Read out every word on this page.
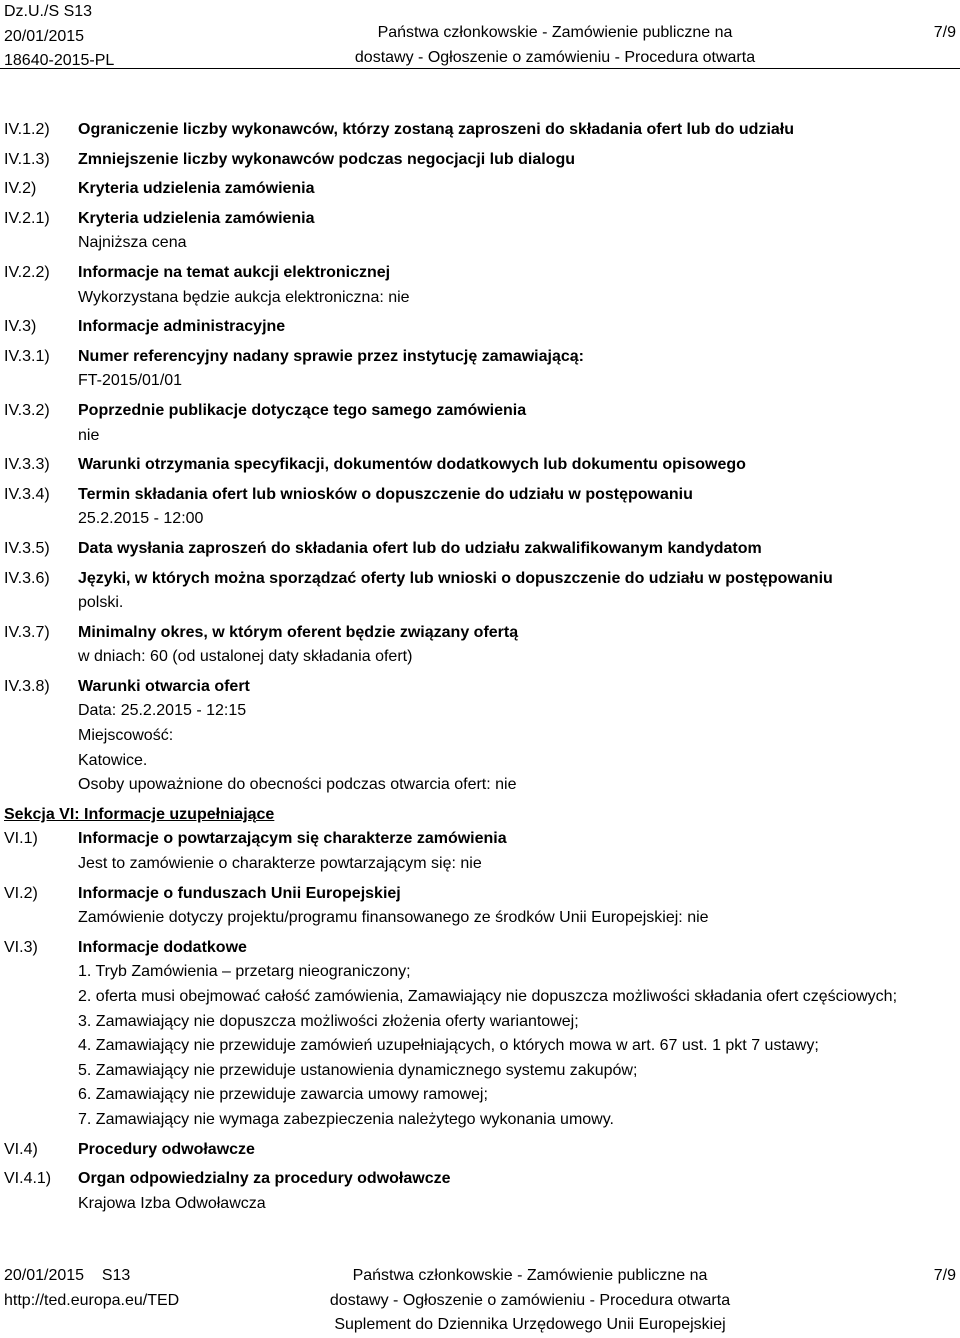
Dz.U./S S13
20/01/2015
18640-2015-PL
Państwa członkowskie - Zamówienie publiczne na
dostawy - Ogłoszenie o zamówieniu - Procedura otwarta
7/9
IV.1.2)	Ograniczenie liczby wykonawców, którzy zostaną zaproszeni do składania ofert lub do udziału
IV.1.3)	Zmniejszenie liczby wykonawców podczas negocjacji lub dialogu
IV.2)	Kryteria udzielenia zamówienia
IV.2.1)	Kryteria udzielenia zamówienia
Najniższa cena
IV.2.2)	Informacje na temat aukcji elektronicznej
Wykorzystana będzie aukcja elektroniczna: nie
IV.3)	Informacje administracyjne
IV.3.1)	Numer referencyjny nadany sprawie przez instytucję zamawiającą:
FT-2015/01/01
IV.3.2)	Poprzednie publikacje dotyczące tego samego zamówienia
nie
IV.3.3)	Warunki otrzymania specyfikacji, dokumentów dodatkowych lub dokumentu opisowego
IV.3.4)	Termin składania ofert lub wniosków o dopuszczenie do udziału w postępowaniu
25.2.2015 - 12:00
IV.3.5)	Data wysłania zaproszeń do składania ofert lub do udziału zakwalifikowanym kandydatom
IV.3.6)	Języki, w których można sporządzać oferty lub wnioski o dopuszczenie do udziału w postępowaniu
polski.
IV.3.7)	Minimalny okres, w którym oferent będzie związany ofertą
w dniach: 60 (od ustalonej daty składania ofert)
IV.3.8)	Warunki otwarcia ofert
Data: 25.2.2015 - 12:15
Miejscowość:
Katowice.
Osoby upoważnione do obecności podczas otwarcia ofert: nie
Sekcja VI: Informacje uzupełniające
VI.1)	Informacje o powtarzającym się charakterze zamówienia
Jest to zamówienie o charakterze powtarzającym się: nie
VI.2)	Informacje o funduszach Unii Europejskiej
Zamówienie dotyczy projektu/programu finansowanego ze środków Unii Europejskiej: nie
VI.3)	Informacje dodatkowe
1. Tryb Zamówienia – przetarg nieograniczony;
2. oferta musi obejmować całość zamówienia, Zamawiający nie dopuszcza możliwości składania ofert częściowych;
3. Zamawiający nie dopuszcza możliwości złożenia oferty wariantowej;
4. Zamawiający nie przewiduje zamówień uzupełniających, o których mowa w art. 67 ust. 1 pkt 7 ustawy;
5. Zamawiający nie przewiduje ustanowienia dynamicznego systemu zakupów;
6. Zamawiający nie przewiduje zawarcia umowy ramowej;
7. Zamawiający nie wymaga zabezpieczenia należytego wykonania umowy.
VI.4)	Procedury odwoławcze
VI.4.1)	Organ odpowiedzialny za procedury odwoławcze
Krajowa Izba Odwoławcza
20/01/2015    S13
http://ted.europa.eu/TED
Państwa członkowskie - Zamówienie publiczne na
dostawy - Ogłoszenie o zamówieniu - Procedura otwarta
Suplement do Dziennika Urzędowego Unii Europejskiej
7/9
